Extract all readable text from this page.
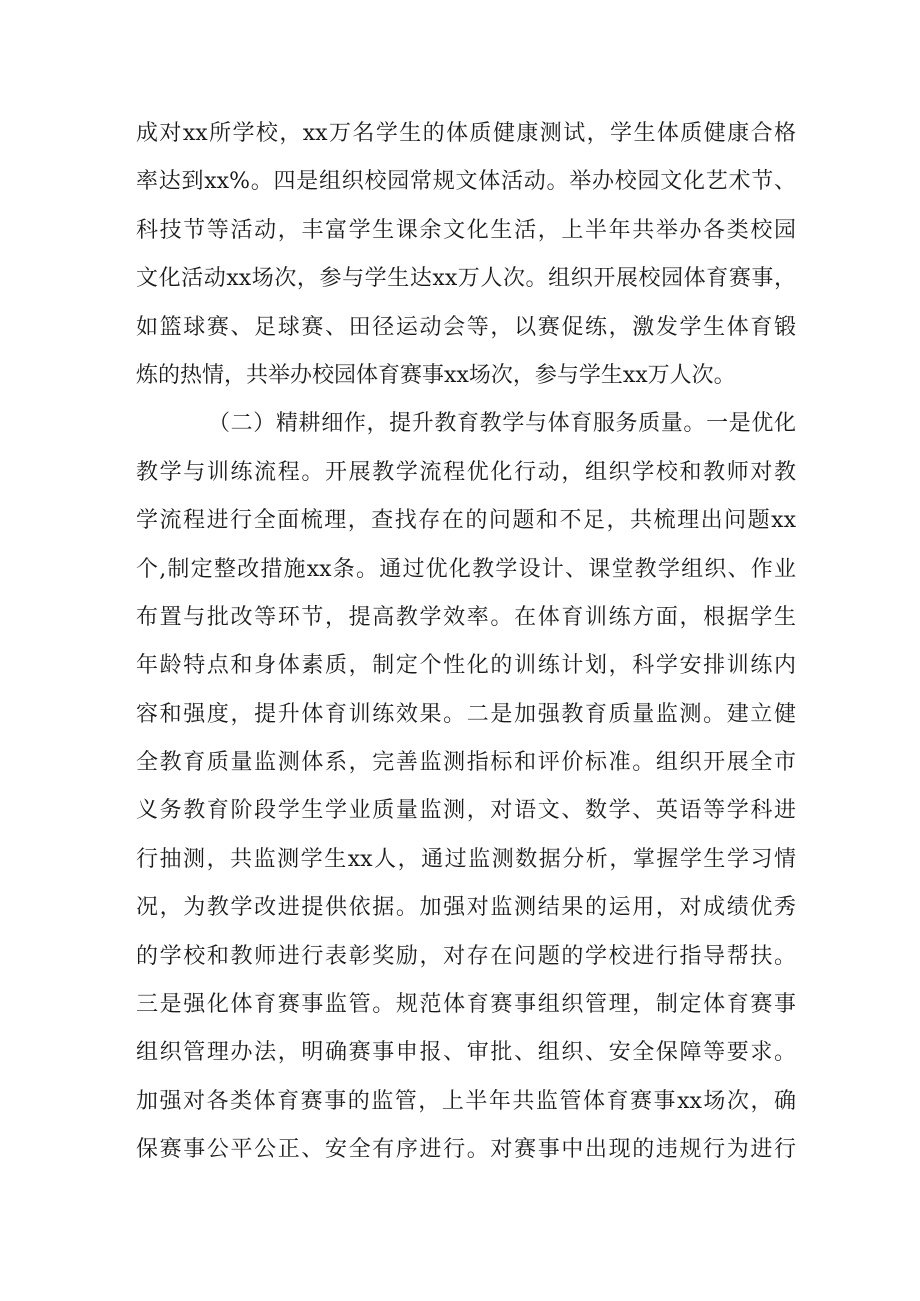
成对xx所学校，xx万名学生的体质健康测试，学生体质健康合格
率达到xx%。四是组织校园常规文体活动。举办校园文化艺术节、
科技节等活动，丰富学生课余文化生活，上半年共举办各类校园
文化活动xx场次，参与学生达xx万人次。组织开展校园体育赛事，
如篮球赛、足球赛、田径运动会等，以赛促练，激发学生体育锻
炼的热情，共举办校园体育赛事xx场次，参与学生xx万人次。
（二）精耕细作，提升教育教学与体育服务质量。一是优化
教学与训练流程。开展教学流程优化行动，组织学校和教师对教
学流程进行全面梳理，查找存在的问题和不足，共梳理出问题xx
个,制定整改措施xx条。通过优化教学设计、课堂教学组织、作业
布置与批改等环节，提高教学效率。在体育训练方面，根据学生
年龄特点和身体素质，制定个性化的训练计划，科学安排训练内
容和强度，提升体育训练效果。二是加强教育质量监测。建立健
全教育质量监测体系，完善监测指标和评价标准。组织开展全市
义务教育阶段学生学业质量监测，对语文、数学、英语等学科进
行抽测，共监测学生xx人，通过监测数据分析，掌握学生学习情
况，为教学改进提供依据。加强对监测结果的运用，对成绩优秀
的学校和教师进行表彰奖励，对存在问题的学校进行指导帮扶。
三是强化体育赛事监管。规范体育赛事组织管理，制定体育赛事
组织管理办法，明确赛事申报、审批、组织、安全保障等要求。
加强对各类体育赛事的监管，上半年共监管体育赛事xx场次，确
保赛事公平公正、安全有序进行。对赛事中出现的违规行为进行
